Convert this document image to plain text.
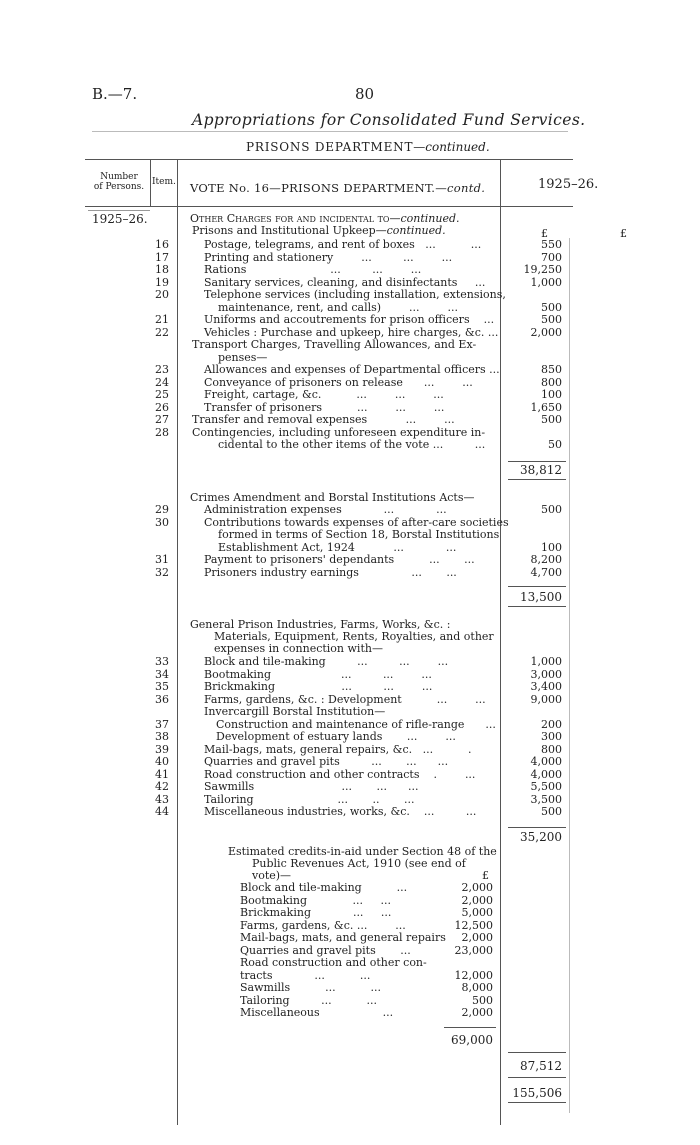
B.—7.	80
Appropriations for Consolidated Fund Services.
PRISONS DEPARTMENT—continued.
Number
of Persons. Item. VOTE No. 16—PRISONS DEPARTMENT.—contd.	1925–26.
1925–26.	Other Charges for and incidental to—continued.
Prisons and Institutional Upkeep—continued.	£	£
16	Postage, telegrams, and rent of boxes   ...          ...	550
17	Printing and stationery        ...         ...        ...	700
18	Rations                        ...         ...        ...	19,250
19	Sanitary services, cleaning, and disinfectants     ...	1,000
20	Telephone services (including installation, extensions,
maintenance, rent, and calls)        ...        ...	500
21	Uniforms and accoutrements for prison officers    ...	500
22	Vehicles : Purchase and upkeep, hire charges, &c. ...	2,000
Transport Charges, Travelling Allowances, and Ex-
penses—
23	Allowances and expenses of Departmental officers ...	850
24	Conveyance of prisoners on release      ...        ...	800
25	Freight, cartage, &c.          ...        ...        ...	100
26	Transfer of prisoners          ...        ...        ...	1,650
27 Transfer and removal expenses           ...        ...	500
28 Contingencies, including unforeseen expenditure in-
cidental to the other items of the vote ...         ...	50
38,812
Crimes Amendment and Borstal Institutions Acts—
29	Administration expenses            ...            ...	500
30	Contributions towards expenses of after-care societies
formed in terms of Section 18, Borstal Institutions
Establishment Act, 1924           ...            ...	100
31	Payment to prisoners' dependants          ...       ...	8,200
32	Prisoners industry earnings               ...       ...	4,700
13,500
General Prison Industries, Farms, Works, &c. :
Materials, Equipment, Rents, Royalties, and other
expenses in connection with—
33	Block and tile-making         ...         ...        ...	1,000
34	Bootmaking                    ...         ...        ...	3,000
35	Brickmaking                   ...         ...        ...	3,400
36	Farms, gardens, &c. : Development          ...        ...	9,000
Invercargill Borstal Institution—
37	Construction and maintenance of rifle-range      ...	200
38	Development of estuary lands       ...        ...	300
39	Mail-bags, mats, general repairs, &c.   ...          .	800
40	Quarries and gravel pits         ...       ...      ...	4,000
41	Road construction and other contracts    .        ...	4,000
42	Sawmills                         ...       ...      ...	5,500
43	Tailoring                        ...       ..       ...	3,500
44	Miscellaneous industries, works, &c.    ...         ...	500
35,200
Estimated credits-in-aid under Section 48 of the
Public Revenues Act, 1910 (see end of
vote)—	£
Block and tile-making          ...	2,000
Bootmaking             ...     ...	2,000
Brickmaking            ...     ...	5,000
Farms, gardens, &c. ...        ...	12,500
Mail-bags, mats, and general repairs	2,000
Quarries and gravel pits       ...	23,000
Road construction and other con-
tracts            ...          ...	12,000
Sawmills          ...          ...	8,000
Tailoring         ...          ...	500
Miscellaneous                  ...	2,000
69,000
87,512
155,506
